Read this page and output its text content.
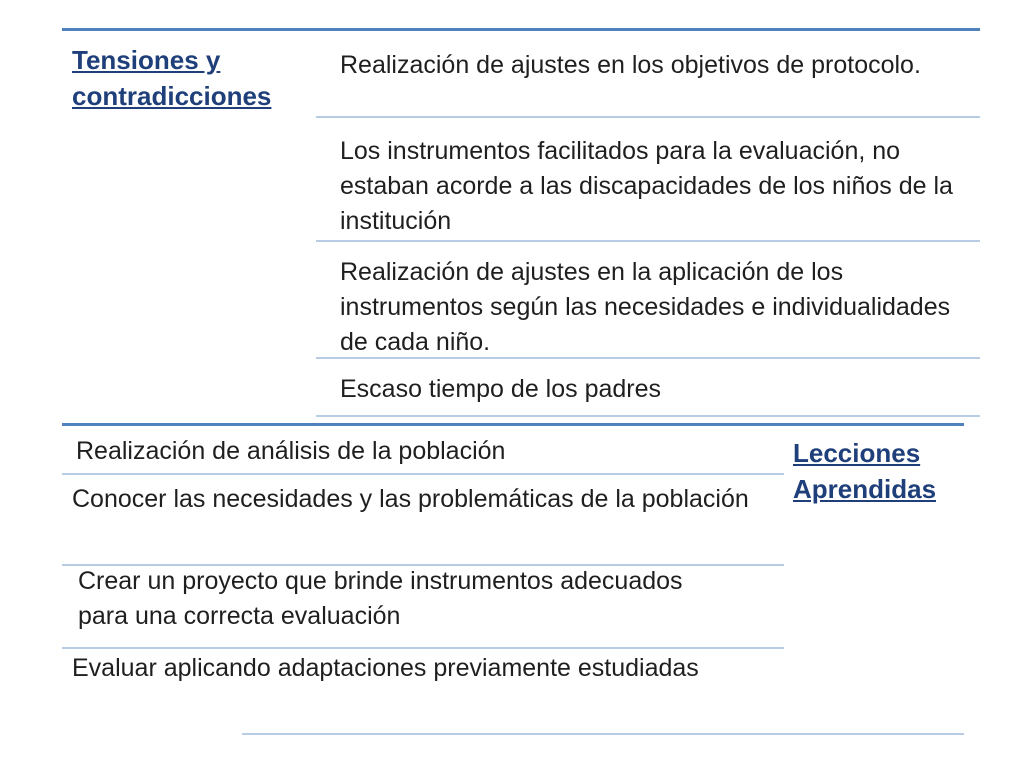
Tensiones y contradicciones

Realización de ajustes en los objetivos de protocolo.

Los instrumentos facilitados para la evaluación, no estaban acorde a las discapacidades de los niños de la institución

Realización de ajustes en la aplicación de los instrumentos según las necesidades e individualidades de cada niño.

Escaso tiempo de los padres

Realización de análisis de la población

Conocer las necesidades y las problemáticas de la población

Crear un proyecto que brinde instrumentos adecuados para una correcta evaluación

Evaluar aplicando adaptaciones previamente estudiadas

Lecciones Aprendidas
